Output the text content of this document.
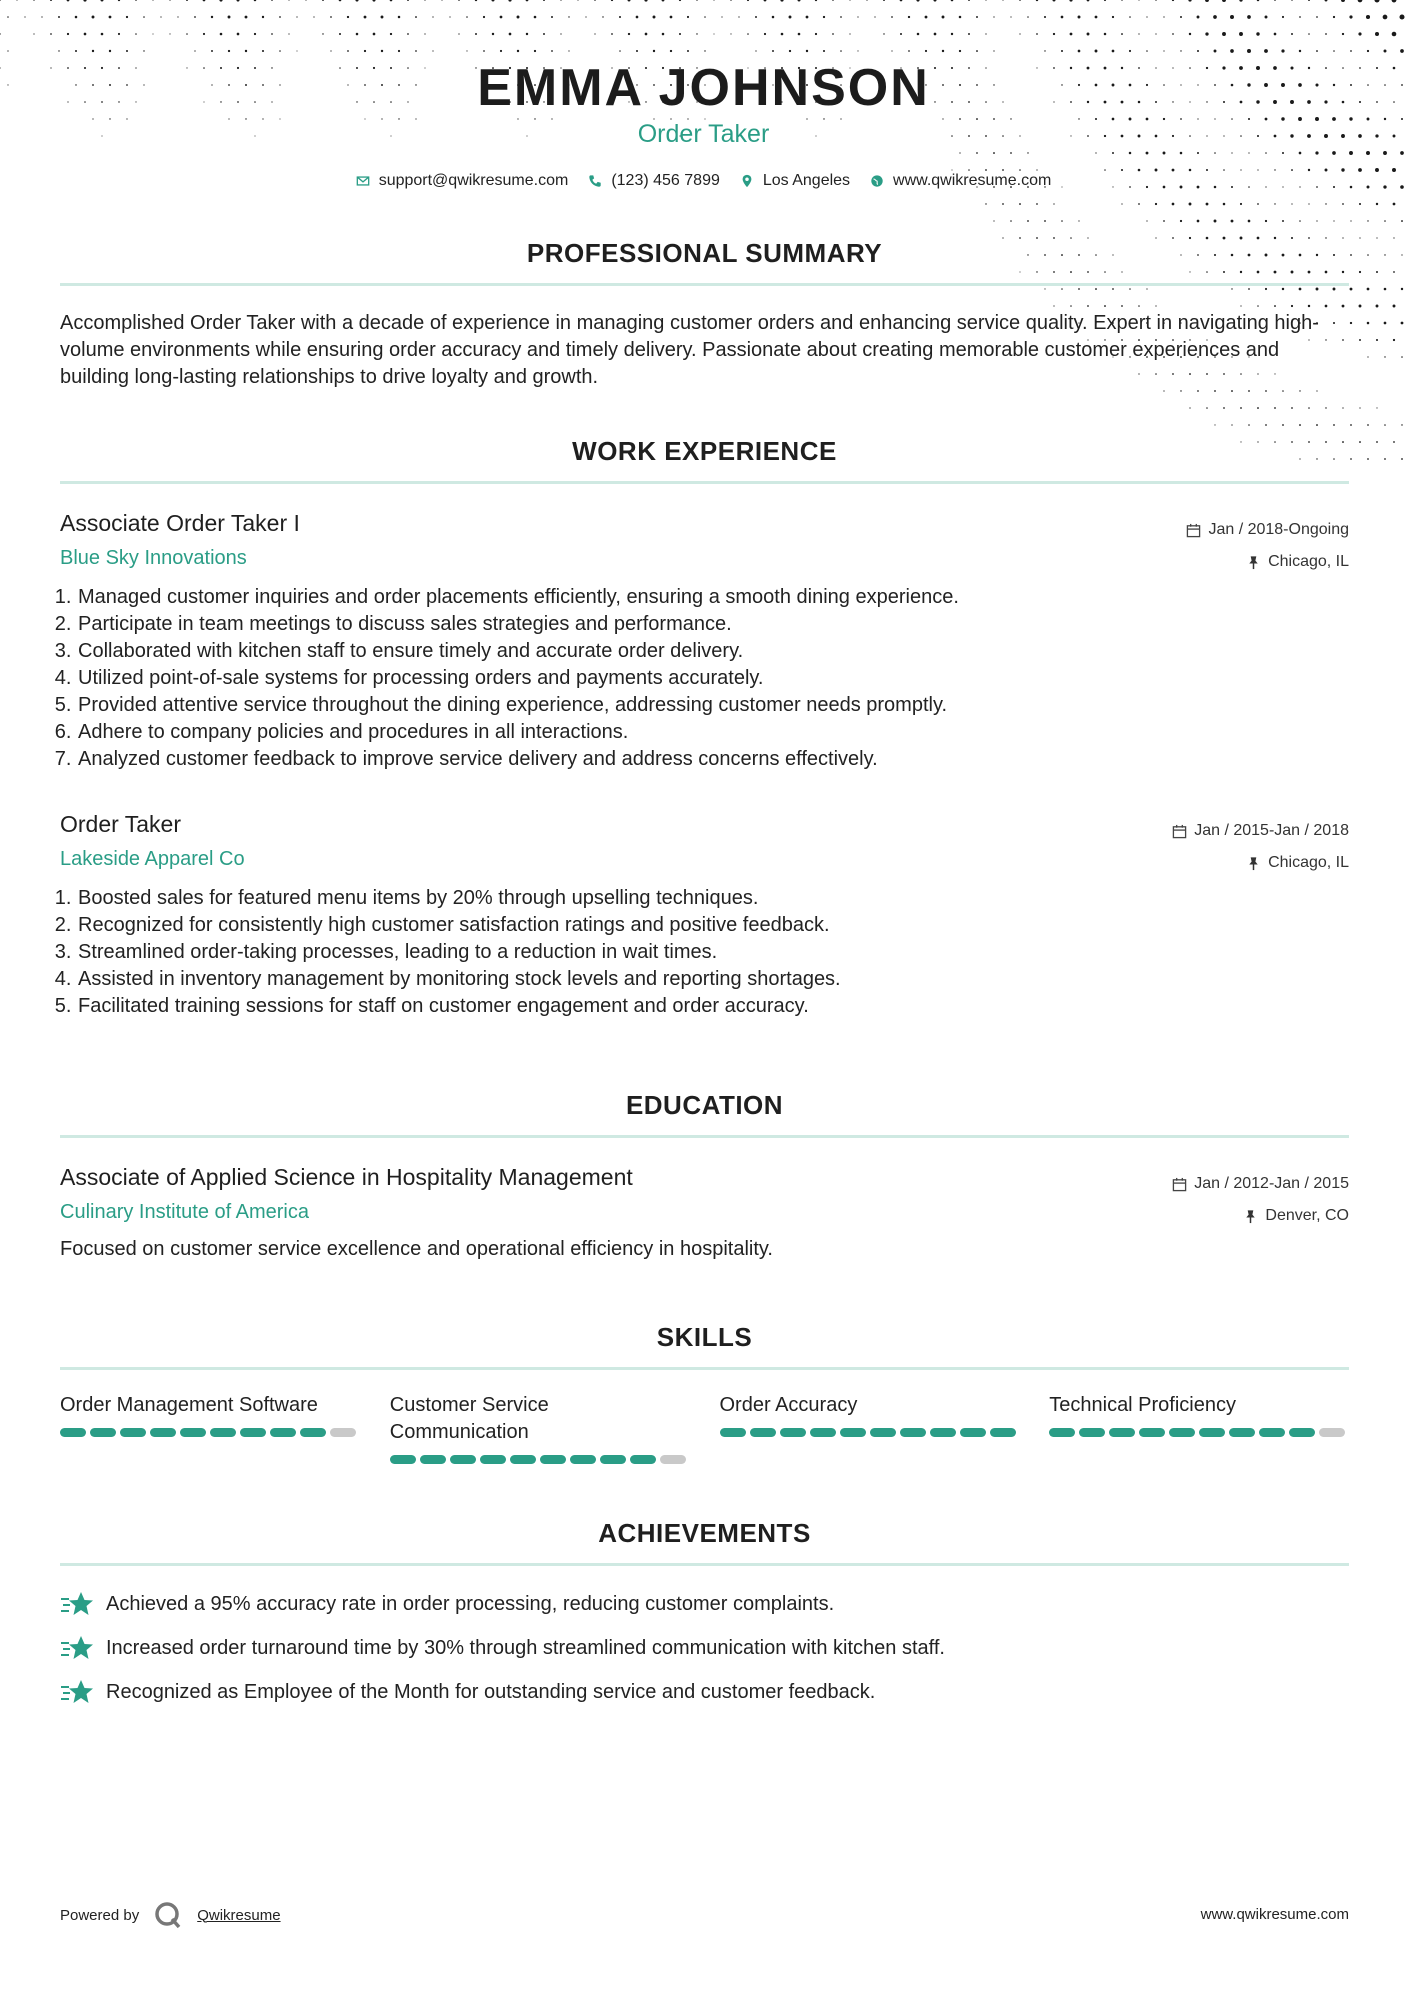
EMMA JOHNSON
Order Taker
support@qwikresume.com	(123) 456 7899	Los Angeles	www.qwikresume.com
PROFESSIONAL SUMMARY
Accomplished Order Taker with a decade of experience in managing customer orders and enhancing service quality. Expert in navigating high-volume environments while ensuring order accuracy and timely delivery. Passionate about creating memorable customer experiences and building long-lasting relationships to drive loyalty and growth.
WORK EXPERIENCE
Associate Order Taker I
Blue Sky Innovations
Jan / 2018-Ongoing
Chicago, IL
1. Managed customer inquiries and order placements efficiently, ensuring a smooth dining experience.
2. Participate in team meetings to discuss sales strategies and performance.
3. Collaborated with kitchen staff to ensure timely and accurate order delivery.
4. Utilized point-of-sale systems for processing orders and payments accurately.
5. Provided attentive service throughout the dining experience, addressing customer needs promptly.
6. Adhere to company policies and procedures in all interactions.
7. Analyzed customer feedback to improve service delivery and address concerns effectively.
Order Taker
Lakeside Apparel Co
Jan / 2015-Jan / 2018
Chicago, IL
1. Boosted sales for featured menu items by 20% through upselling techniques.
2. Recognized for consistently high customer satisfaction ratings and positive feedback.
3. Streamlined order-taking processes, leading to a reduction in wait times.
4. Assisted in inventory management by monitoring stock levels and reporting shortages.
5. Facilitated training sessions for staff on customer engagement and order accuracy.
EDUCATION
Associate of Applied Science in Hospitality Management
Culinary Institute of America
Jan / 2012-Jan / 2015
Denver, CO
Focused on customer service excellence and operational efficiency in hospitality.
SKILLS
Order Management Software	Customer Service Communication
Order Accuracy	Technical Proficiency
ACHIEVEMENTS
Achieved a 95% accuracy rate in order processing, reducing customer complaints.
Increased order turnaround time by 30% through streamlined communication with kitchen staff.
Recognized as Employee of the Month for outstanding service and customer feedback.
Powered by	Qwikresume	www.qwikresume.com
